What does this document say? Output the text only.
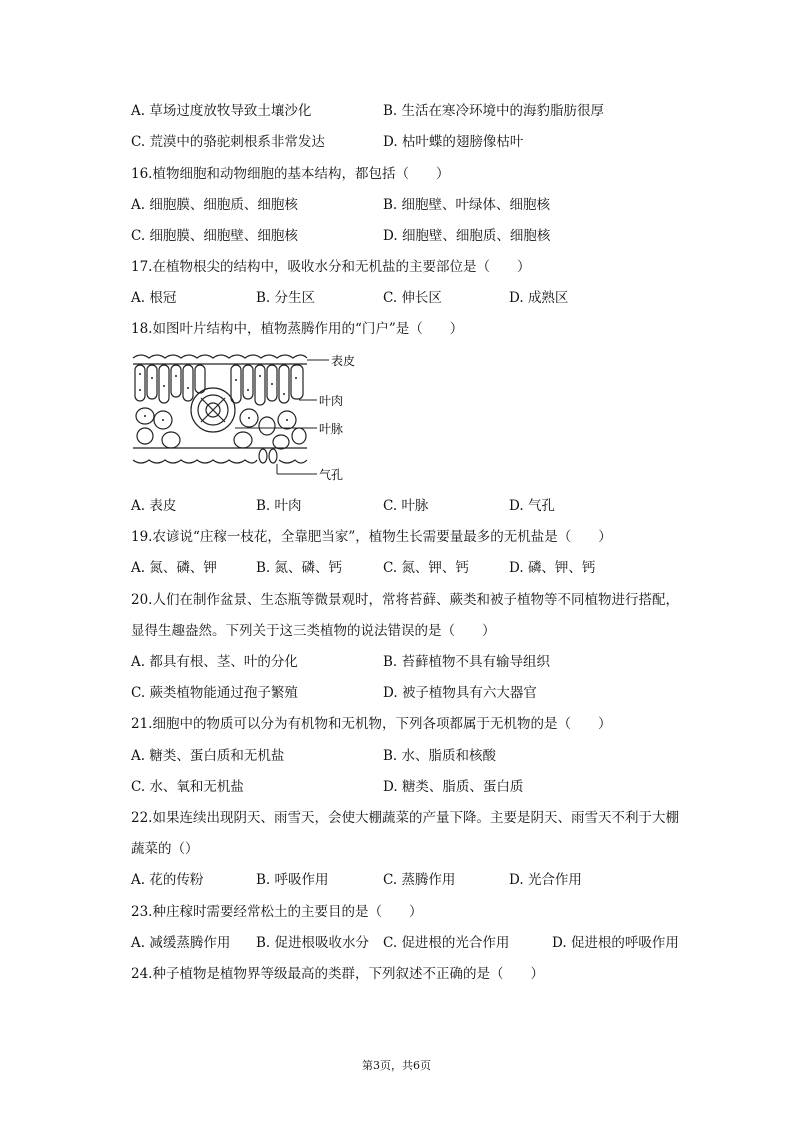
A. 草场过度放牧导致土壤沙化	B. 生活在寒冷环境中的海豹脂肪很厚
C. 荒漠中的骆驼刺根系非常发达	D. 枯叶蝶的翅膀像枯叶
16.植物细胞和动物细胞的基本结构，都包括（　　）
A. 细胞膜、细胞质、细胞核	B. 细胞壁、叶绿体、细胞核
C. 细胞膜、细胞壁、细胞核	D. 细胞壁、细胞质、细胞核
17.在植物根尖的结构中，吸收水分和无机盐的主要部位是（　　）
A. 根冠	B. 分生区	C. 伸长区	D. 成熟区
18.如图叶片结构中，植物蒸腾作用的“门户”是（　　）
表皮
叶肉
叶脉
气孔
A. 表皮	B. 叶肉	C. 叶脉	D. 气孔
19.农谚说“庄稼一枝花，全靠肥当家”，植物生长需要量最多的无机盐是（　　）
A. 氮、磷、钾	B. 氮、磷、钙	C. 氮、钾、钙	D. 磷、钾、钙
20.人们在制作盆景、生态瓶等微景观时，常将苔藓、蕨类和被子植物等不同植物进行搭配，
显得生趣盎然。下列关于这三类植物的说法错误的是（　　）
A. 都具有根、茎、叶的分化	B. 苔藓植物不具有输导组织
C. 蕨类植物能通过孢子繁殖	D. 被子植物具有六大器官
21.细胞中的物质可以分为有机物和无机物，下列各项都属于无机物的是（　　）
A. 糖类、蛋白质和无机盐	B. 水、脂质和核酸
C. 水、氧和无机盐	D. 糖类、脂质、蛋白质
22.如果连续出现阴天、雨雪天，会使大棚蔬菜的产量下降。主要是阴天、雨雪天不利于大棚
蔬菜的（）
A. 花的传粉	B. 呼吸作用	C. 蒸腾作用	D. 光合作用
23.种庄稼时需要经常松土的主要目的是（　　）
A. 减缓蒸腾作用 B. 促进根吸收水分 C. 促进根的光合作用	D. 促进根的呼吸作用
24.种子植物是植物界等级最高的类群，下列叙述不正确的是（　　）
第3页，共6页
